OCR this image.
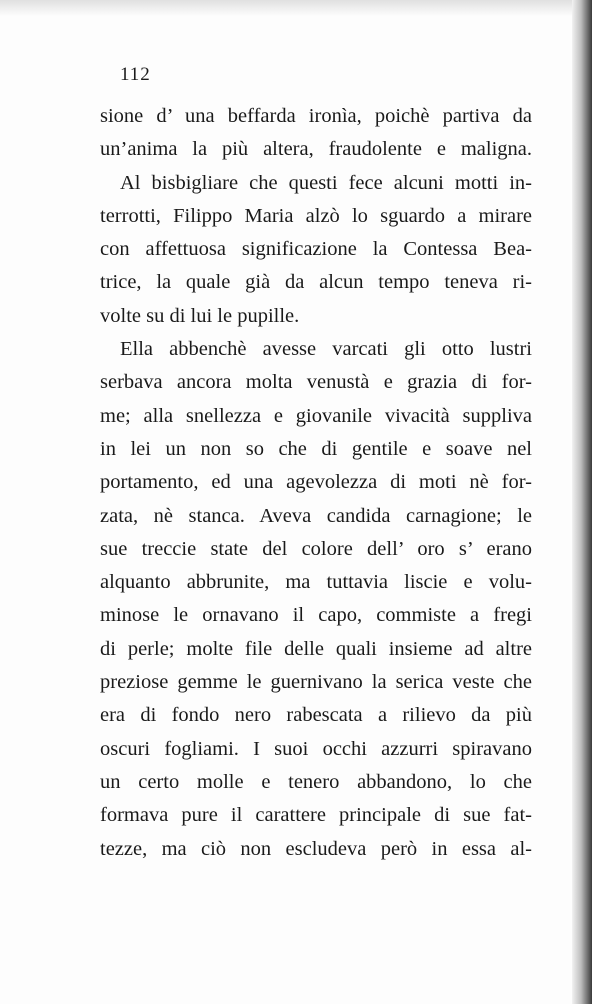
112
sione d’ una beffarda ironìa, poichè partiva da
un’anima la più altera, fraudolente e maligna.
Al bisbigliare che questi fece alcuni motti in-
terrotti, Filippo Maria alzò lo sguardo a mirare
con affettuosa significazione la Contessa Bea-
trice, la quale già da alcun tempo teneva ri-
volte su di lui le pupille.
Ella abbenchè avesse varcati gli otto lustri
serbava ancora molta venustà e grazia di for-
me; alla snellezza e giovanile vivacità suppliva
in lei un non so che di gentile e soave nel
portamento, ed una agevolezza di moti nè for-
zata, nè stanca. Aveva candida carnagione; le
sue treccie state del colore dell’ oro s’ erano
alquanto abbrunite, ma tuttavia liscie e volu-
minose le ornavano il capo, commiste a fregi
di perle; molte file delle quali insieme ad altre
preziose gemme le guernivano la serica veste che
era di fondo nero rabescata a rilievo da più
oscuri fogliami. I suoi occhi azzurri spiravano
un certo molle e tenero abbandono, lo che
formava pure il carattere principale di sue fat-
tezze, ma ciò non escludeva però in essa al-
